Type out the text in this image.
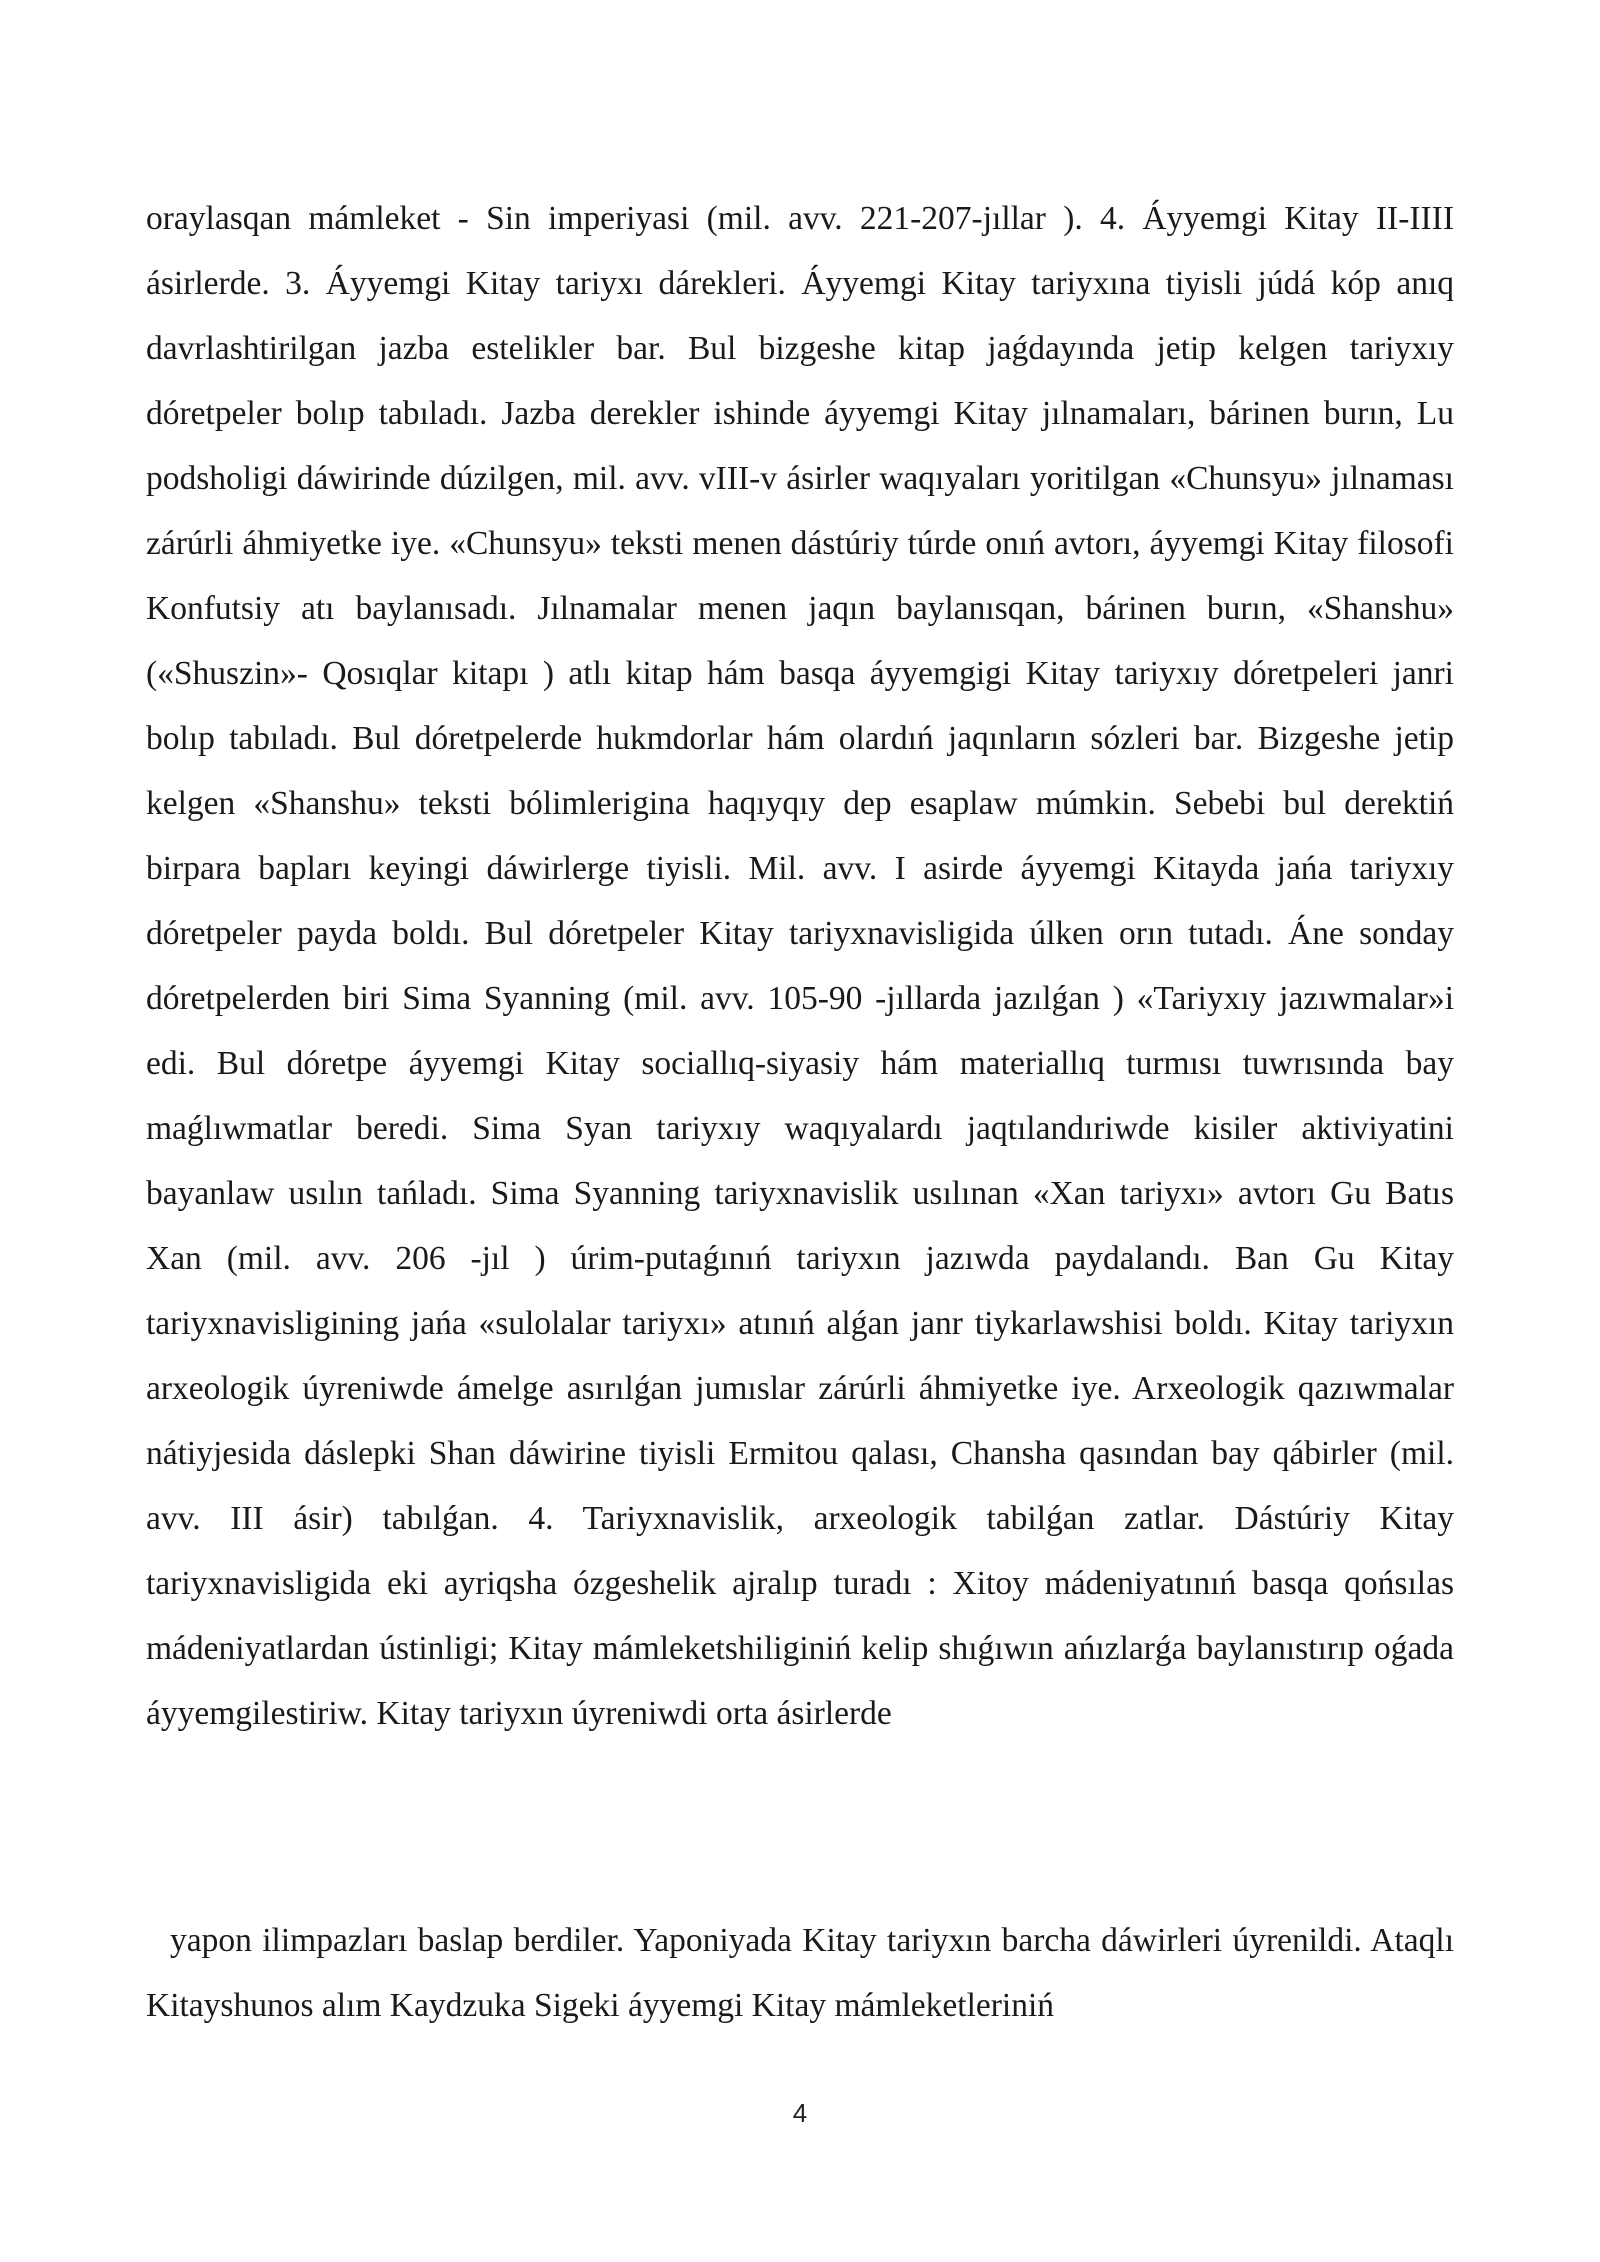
oraylasqan mámleket - Sin imperiyasi (mil. avv. 221-207-jıllar ). 4. Áyyemgi Kitay II-IIII ásirlerde. 3. Áyyemgi Kitay tariyxı dárekleri. Áyyemgi Kitay tariyxına tiyisli júdá kóp anıq davrlashtirilgan jazba estelikler bar. Bul bizgeshe kitap jaǵdayında jetip kelgen tariyxıy dóretpeler bolıp tabıladı. Jazba derekler ishinde áyyemgi Kitay jılnamaları, bárinen burın, Lu podsholigi dáwirinde dúzilgen, mil. avv. vIII-v ásirler waqıyaları yoritilgan «Chunsyu» jılnaması zárúrli áhmiyetke iye. «Chunsyu» teksti menen dástúriy túrde onıń avtorı, áyyemgi Kitay filosofi Konfutsiy atı baylanısadı. Jılnamalar menen jaqın baylanısqan, bárinen burın, «Shanshu» («Shuszin»- Qosıqlar kitapı ) atlı kitap hám basqa áyyemgigi Kitay tariyxıy dóretpeleri janri bolıp tabıladı. Bul dóretpelerde hukmdorlar hám olardıń jaqınların sózleri bar. Bizgeshe jetip kelgen «Shanshu» teksti bólimlerigina haqıyqıy dep esaplaw múmkin. Sebebi bul derektiń birpara bapları keyingi dáwirlerge tiyisli. Mil. avv. I asirde áyyemgi Kitayda jańa tariyxıy dóretpeler payda boldı. Bul dóretpeler Kitay tariyxnavisligida úlken orın tutadı. Áne sonday dóretpelerden biri Sima Syanning (mil. avv. 105-90 -jıllarda jazılǵan ) «Tariyxıy jazıwmalar»i edi. Bul dóretpe áyyemgi Kitay sociallıq-siyasiy hám materiallıq turmısı tuwrısında bay maǵlıwmatlar beredi. Sima Syan tariyxıy waqıyalardı jaqtılandıriwde kisiler aktiviyatini bayanlaw usılın tańladı. Sima Syanning tariyxnavislik usılınan «Xan tariyxı» avtorı Gu Batıs Xan (mil. avv. 206 -jıl ) úrim-putaǵınıń tariyxın jazıwda paydalandı. Ban Gu Kitay tariyxnavisligining jańa «sulolalar tariyxı» atınıń alǵan janr tiykarlawshisi boldı. Kitay tariyxın arxeologik úyreniwde ámelge asırılǵan jumıslar zárúrli áhmiyetke iye. Arxeologik qazıwmalar nátiyjesida dáslepki Shan dáwirine tiyisli Ermitou qalası, Chansha qasından bay qábirler (mil. avv. III ásir) tabılǵan. 4. Tariyxnavislik, arxeologik tabilǵan zatlar. Dástúriy Kitay tariyxnavisligida eki ayriqsha ózgeshelik ajralıp turadı : Xitoy mádeniyatınıń basqa qońsılas mádeniyatlardan ústinligi; Kitay mámleketshiliginiń kelip shıǵıwın ańızlarǵa baylanıstırıp oǵada áyyemgilestiriw. Kitay tariyxın úyreniwdi orta ásirlerde

yapon ilimpazları baslap berdiler. Yaponiyada Kitay tariyxın barcha dáwirleri úyrenildi. Ataqlı Kitayshunos alım Kaydzuka Sigeki áyyemgi Kitay mámleketleriniń

4
